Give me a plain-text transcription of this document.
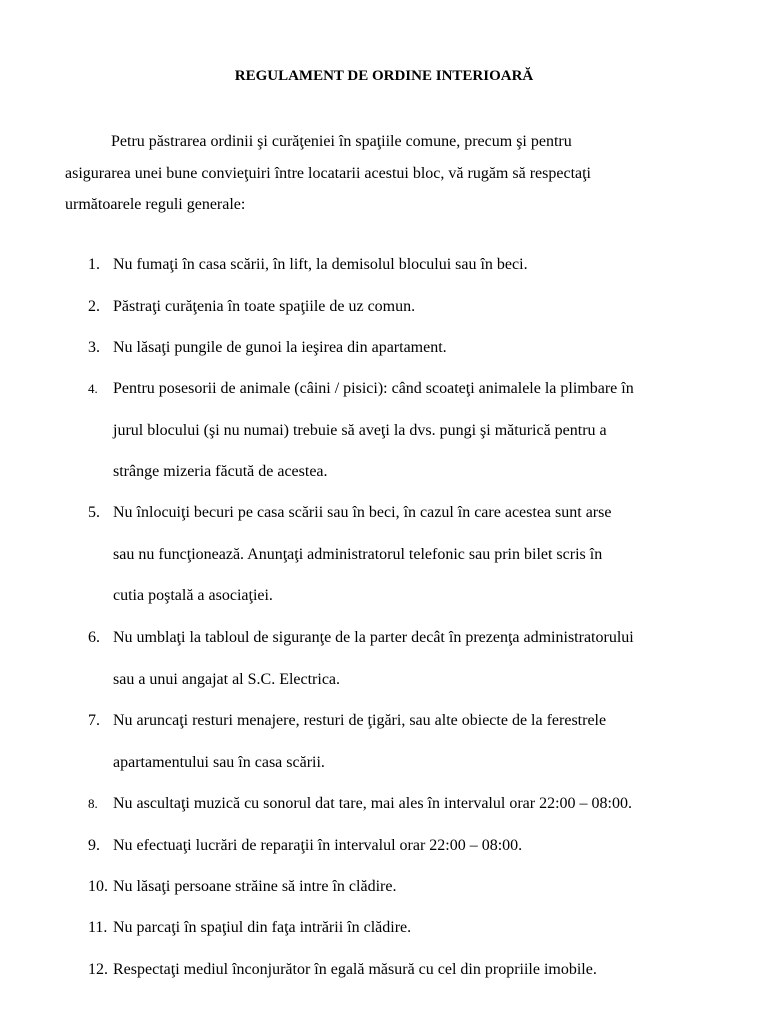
REGULAMENT DE ORDINE INTERIOARĂ

Petru păstrarea ordinii şi curăţeniei în spaţiile comune, precum şi pentru

asigurarea unei bune convieţuiri între locatarii acestui bloc, vă rugăm să respectaţi

următoarele reguli generale:

1. Nu fumaţi în casa scării, în lift, la demisolul blocului sau în beci.
2. Păstraţi curăţenia în toate spaţiile de uz comun.
3. Nu lăsaţi pungile de gunoi la ieşirea din apartament.
4. Pentru posesorii de animale (câini / pisici): când scoateţi animalele la plimbare în
jurul blocului (şi nu numai) trebuie să aveţi la dvs. pungi şi măturică pentru a
strânge mizeria făcută de acestea.
5. Nu înlocuiţi becuri pe casa scării sau în beci, în cazul în care acestea sunt arse
sau nu funcţionează. Anunţaţi administratorul telefonic sau prin bilet scris în
cutia poştală a asociaţiei.
6. Nu umblaţi la tabloul de siguranţe de la parter decât în prezenţa administratorului
sau a unui angajat al S.C. Electrica.
7. Nu aruncaţi resturi menajere, resturi de ţigări, sau alte obiecte de la ferestrele
apartamentului sau în casa scării.
8. Nu ascultaţi muzică cu sonorul dat tare, mai ales în intervalul orar 22:00 – 08:00.
9. Nu efectuaţi lucrări de reparaţii în intervalul orar 22:00 – 08:00.
10. Nu lăsaţi persoane străine să intre în clădire.
11. Nu parcaţi în spaţiul din faţa intrării în clădire.
12. Respectaţi mediul înconjurător în egală măsură cu cel din propriile imobile.
